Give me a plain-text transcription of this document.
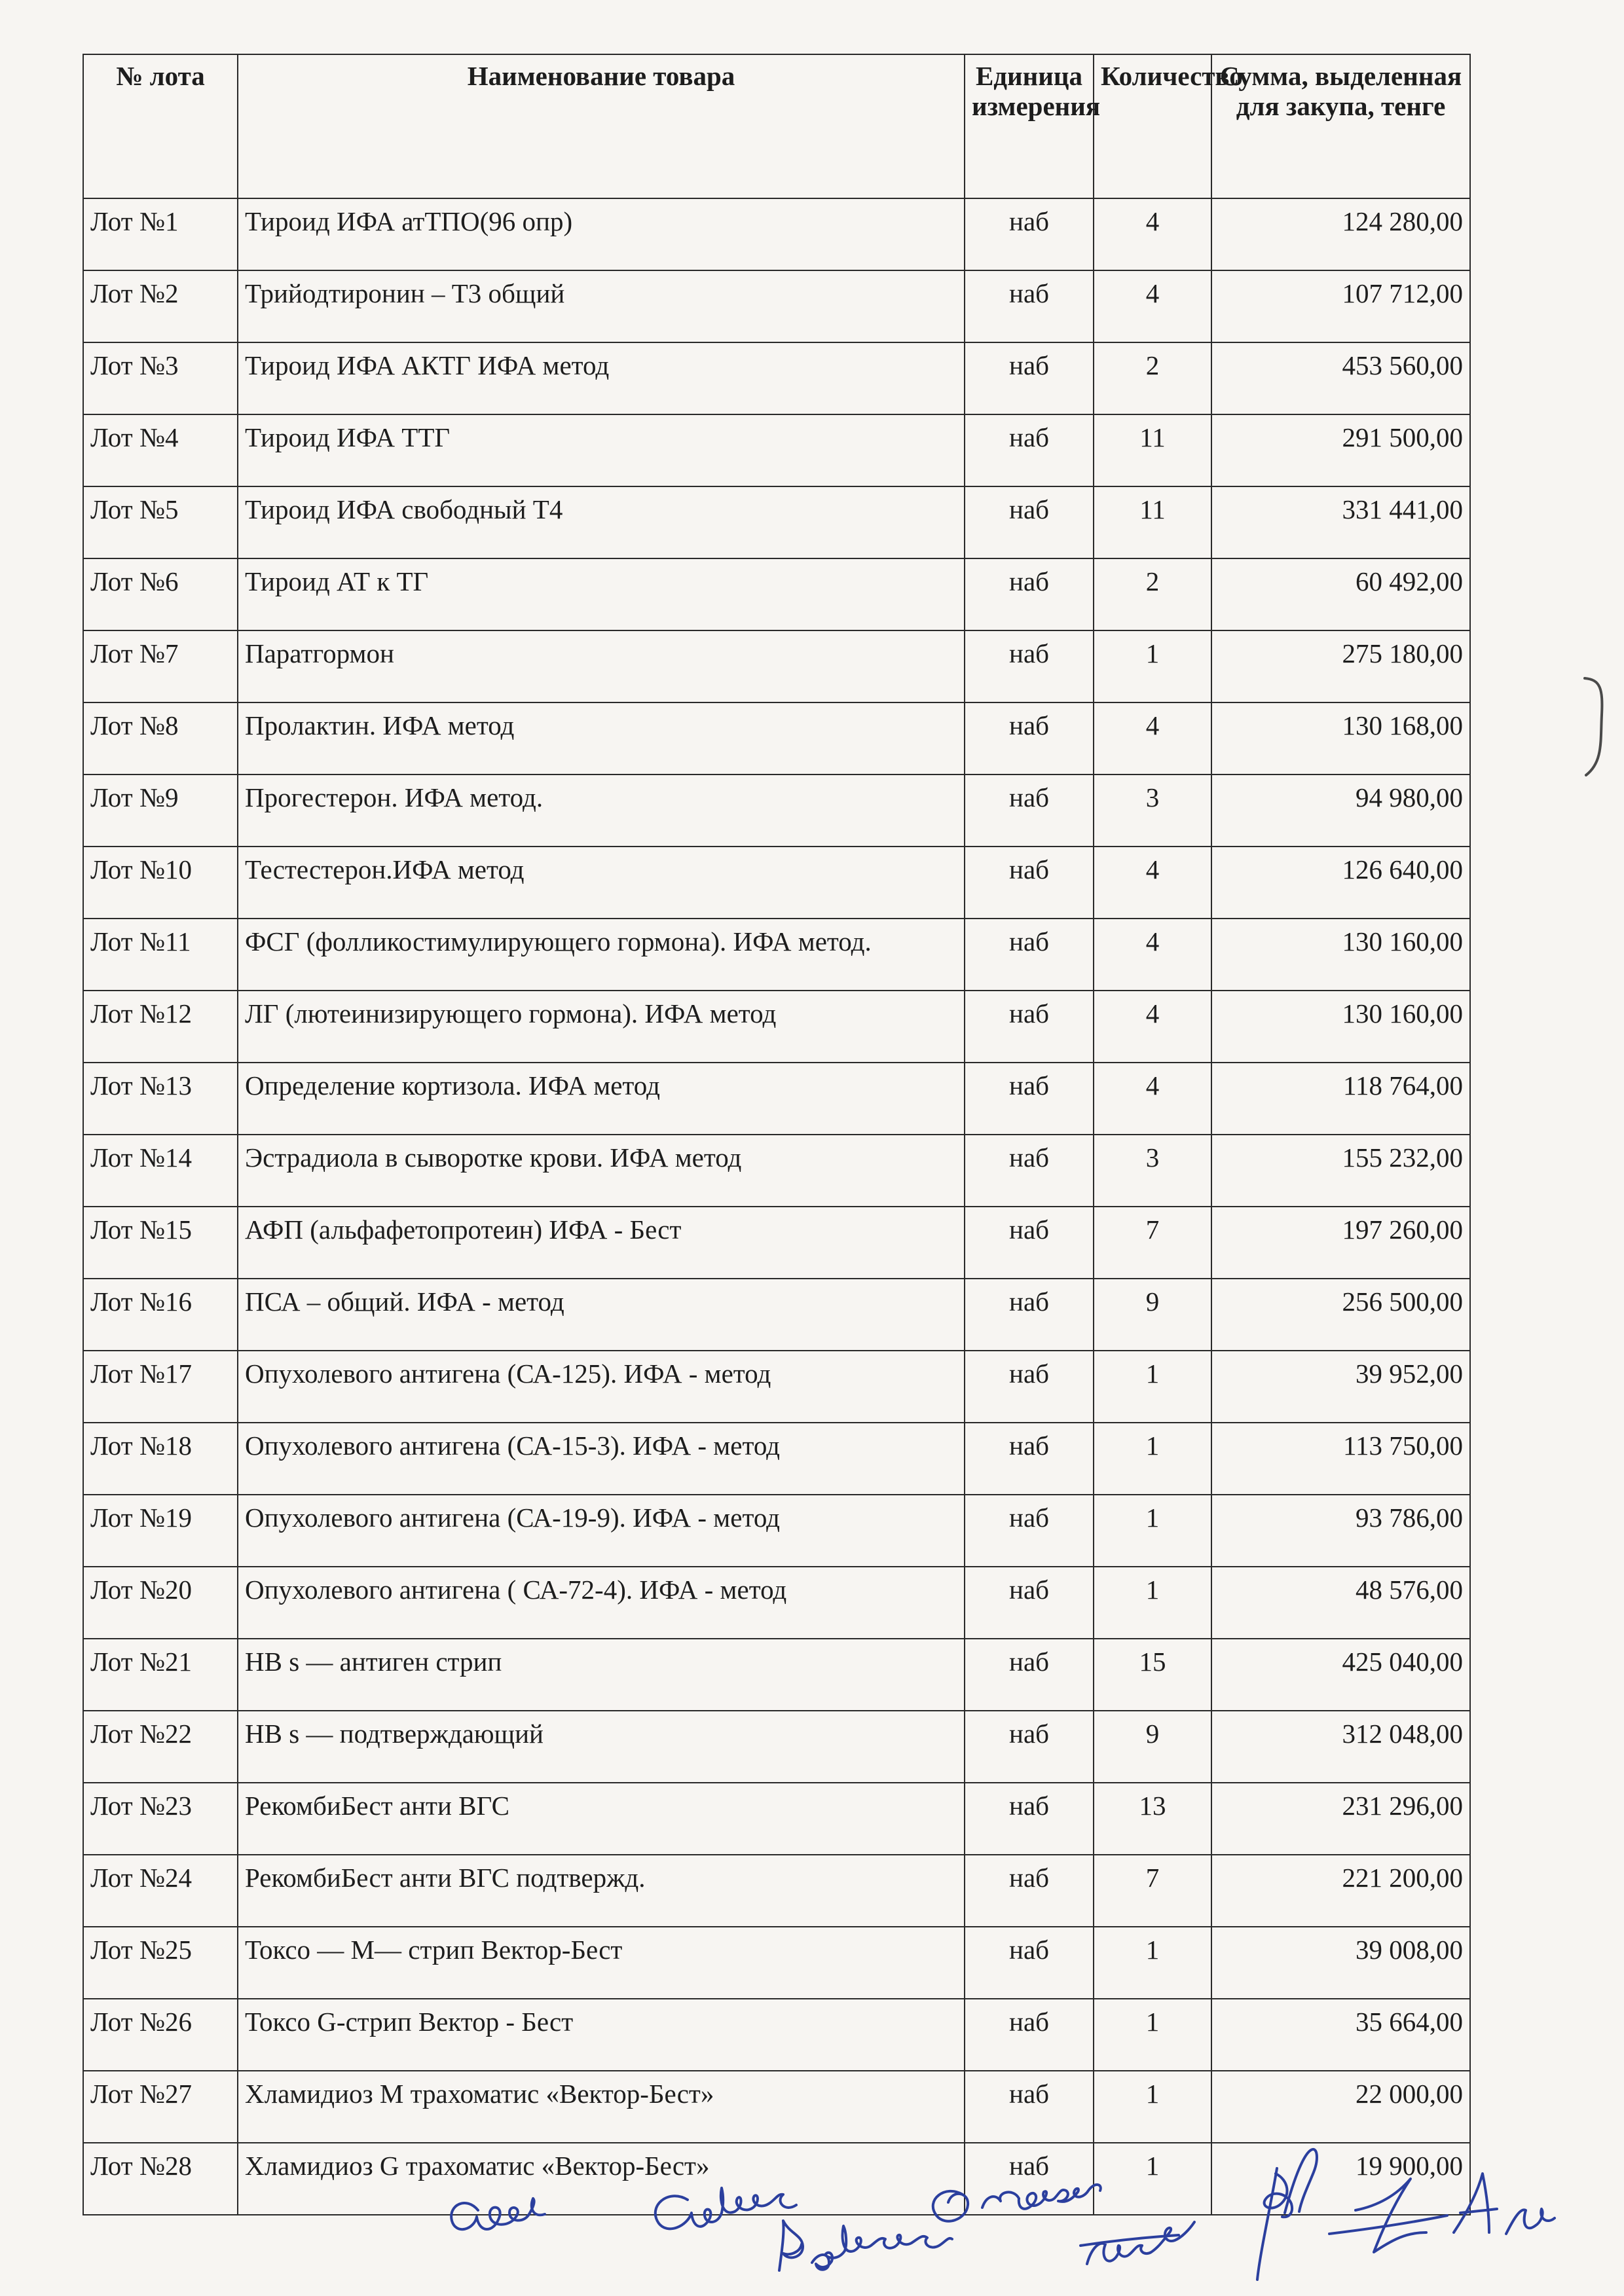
№ лота	Наименование товара	Единица измерения	Количество	Сумма, выделенная для закупа, тенге
Лот №1	Тироид ИФА атТПО(96 опр)	наб	4	124 280,00
Лот №2	Трийодтиронин – Т3 общий	наб	4	107 712,00
Лот №3	Тироид ИФА АКТГ ИФА метод	наб	2	453 560,00
Лот №4	Тироид ИФА ТТГ	наб	11	291 500,00
Лот №5	Тироид ИФА свободный Т4	наб	11	331 441,00
Лот №6	Тироид АТ к ТГ	наб	2	60 492,00
Лот №7	Паратгормон	наб	1	275 180,00
Лот №8	Пролактин. ИФА метод	наб	4	130 168,00
Лот №9	Прогестерон. ИФА метод.	наб	3	94 980,00
Лот №10	Тестестерон.ИФА метод	наб	4	126 640,00
Лот №11	ФСГ (фолликостимулирующего гормона). ИФА метод.	наб	4	130 160,00
Лот №12	ЛГ (лютеинизирующего гормона). ИФА метод	наб	4	130 160,00
Лот №13	Определение кортизола. ИФА метод	наб	4	118 764,00
Лот №14	Эстрадиола в сыворотке крови. ИФА метод	наб	3	155 232,00
Лот №15	АФП (альфафетопротеин) ИФА - Бест	наб	7	197 260,00
Лот №16	ПСА – общий. ИФА - метод	наб	9	256 500,00
Лот №17	Опухолевого антигена (СА-125). ИФА - метод	наб	1	39 952,00
Лот №18	Опухолевого антигена (СА-15-3). ИФА - метод	наб	1	113 750,00
Лот №19	Опухолевого антигена (СА-19-9). ИФА - метод	наб	1	93 786,00
Лот №20	Опухолевого антигена ( СА-72-4). ИФА - метод	наб	1	48 576,00
Лот №21	НВ s — антиген стрип	наб	15	425 040,00
Лот №22	НВ s — подтверждающий	наб	9	312 048,00
Лот №23	РекомбиБест анти ВГС	наб	13	231 296,00
Лот №24	РекомбиБест анти ВГС подтвержд.	наб	7	221 200,00
Лот №25	Токсо — М— стрип Вектор-Бест	наб	1	39 008,00
Лот №26	Токсо G-стрип Вектор - Бест	наб	1	35 664,00
Лот №27	Хламидиоз М трахоматис «Вектор-Бест»	наб	1	22 000,00
Лот №28	Хламидиоз G трахоматис «Вектор-Бест»	наб	1	19 900,00
